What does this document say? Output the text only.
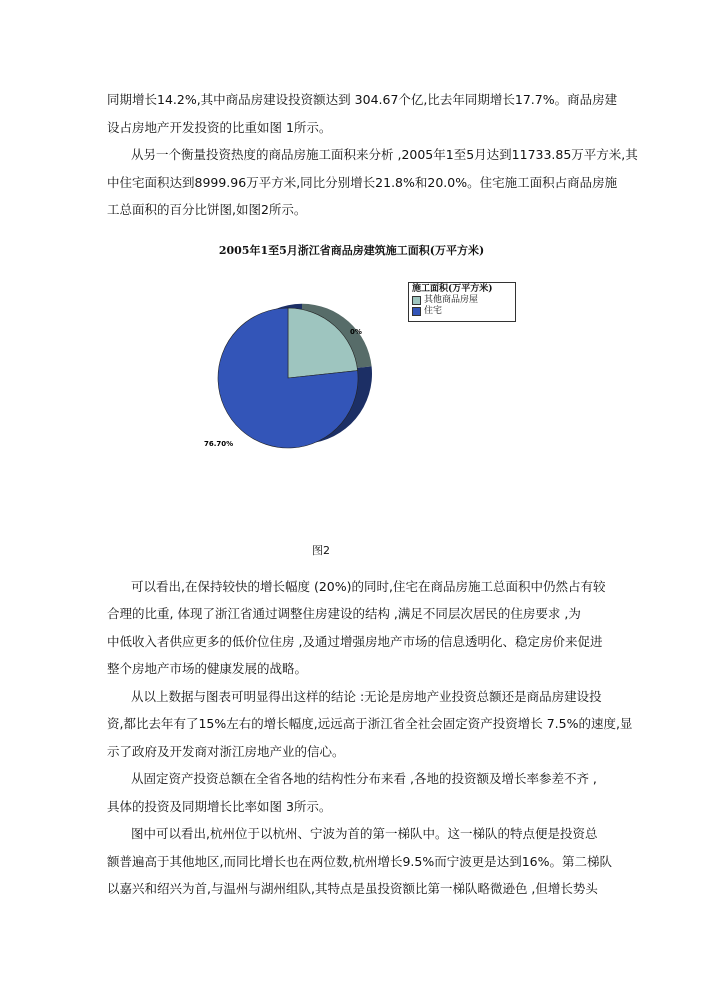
同期增长14.2%,其中商品房建设投资额达到 304.67个亿,比去年同期增长17.7%。商品房建
设占房地产开发投资的比重如图 1所示。
从另一个衡量投资热度的商品房施工面积来分析 ,2005年1至5月达到11733.85万平方米,其
中住宅面积达到8999.96万平方米,同比分别增长21.8%和20.0%。住宅施工面积占商品房施
工总面积的百分比饼图,如图2所示。
2005年1至5月浙江省商品房建筑施工面积(万平方米)
0%
76.70%
施工面积(万平方米)
其他商品房屋
住宅
图2
可以看出,在保持较快的增长幅度 (20%)的同时,住宅在商品房施工总面积中仍然占有较
合理的比重, 体现了浙江省通过调整住房建设的结构 ,满足不同层次居民的住房要求 ,为
中低收入者供应更多的低价位住房 ,及通过增强房地产市场的信息透明化、稳定房价来促进
整个房地产市场的健康发展的战略。
从以上数据与图表可明显得出这样的结论 :无论是房地产业投资总额还是商品房建设投
资,都比去年有了15%左右的增长幅度,远远高于浙江省全社会固定资产投资增长 7.5%的速度,显
示了政府及开发商对浙江房地产业的信心。
从固定资产投资总额在全省各地的结构性分布来看 ,各地的投资额及增长率参差不齐 ,
具体的投资及同期增长比率如图 3所示。
图中可以看出,杭州位于以杭州、宁波为首的第一梯队中。这一梯队的特点便是投资总
额普遍高于其他地区,而同比增长也在两位数,杭州增长9.5%而宁波更是达到16%。第二梯队
以嘉兴和绍兴为首,与温州与湖州组队,其特点是虽投资额比第一梯队略微逊色 ,但增长势头
